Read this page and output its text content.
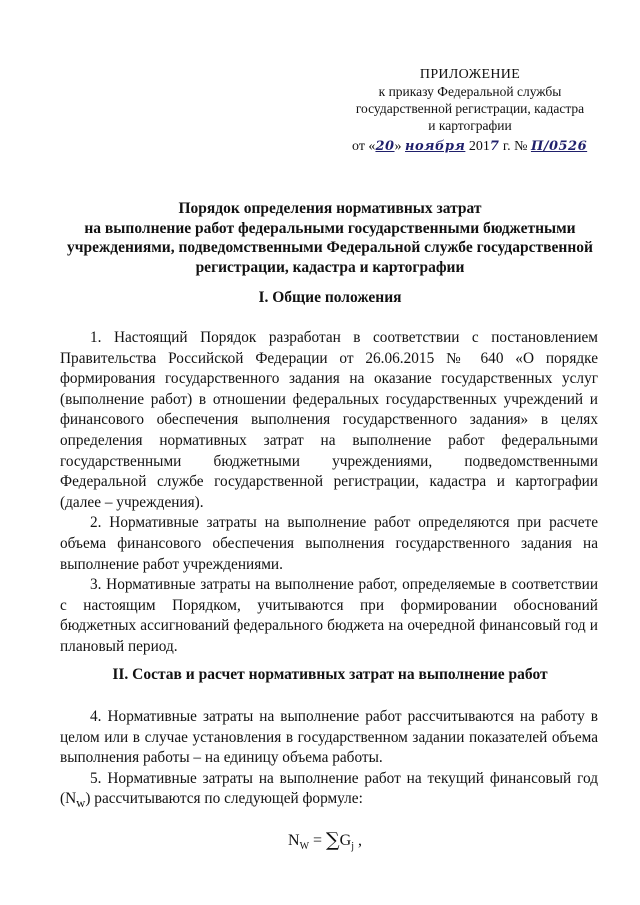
ПРИЛОЖЕНИЕ
к приказу Федеральной службы
государственной регистрации, кадастра
и картографии
от «20» ноября 2017 г. № П/0526
Порядок определения нормативных затрат
на выполнение работ федеральными государственными бюджетными
учреждениями, подведомственными Федеральной службе государственной
регистрации, кадастра и картографии
I. Общие положения

1. Настоящий Порядок разработан в соответствии с постановлением Правительства Российской Федерации от 26.06.2015 № 640 «О порядке формирования государственного задания на оказание государственных услуг (выполнение работ) в отношении федеральных государственных учреждений и финансового обеспечения выполнения государственного задания» в целях определения нормативных затрат на выполнение работ федеральными государственными бюджетными учреждениями, подведомственными Федеральной службе государственной регистрации, кадастра и картографии (далее – учреждения).

2. Нормативные затраты на выполнение работ определяются при расчете объема финансового обеспечения выполнения государственного задания на выполнение работ учреждениями.

3. Нормативные затраты на выполнение работ, определяемые в соответствии с настоящим Порядком, учитываются при формировании обоснований бюджетных ассигнований федерального бюджета на очередной финансовый год и плановый период.

II. Состав и расчет нормативных затрат на выполнение работ

4. Нормативные затраты на выполнение работ рассчитываются на работу в целом или в случае установления в государственном задании показателей объема выполнения работы – на единицу объема работы.

5. Нормативные затраты на выполнение работ на текущий финансовый год $(N_w)$ рассчитываются по следующей формуле:

$N_W = \sum G_j$ ,
